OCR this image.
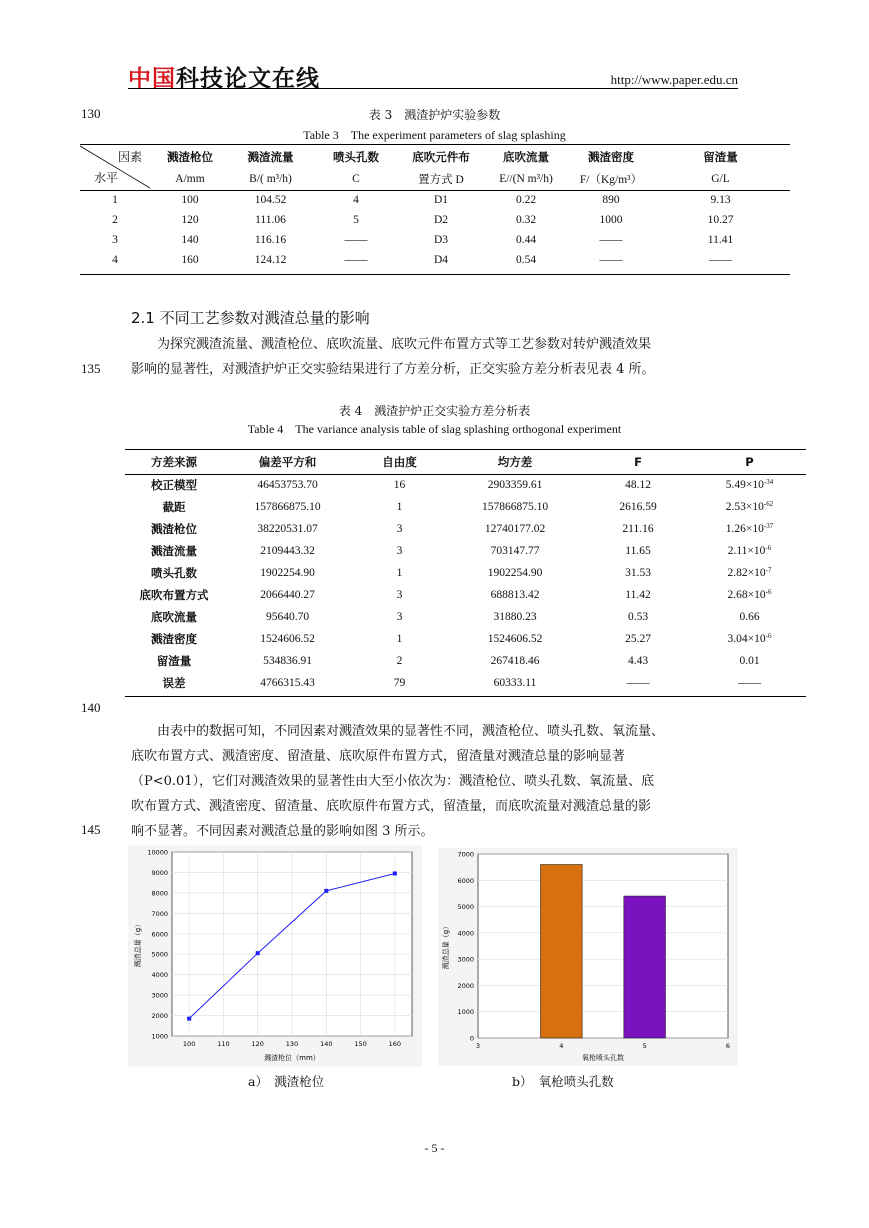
中国科技论文在线	http://www.paper.edu.cn
130
135
140
145
表 3　溅渣护炉实验参数
Table 3　The experiment parameters of slag splashing
因素
水平
	溅渣枪位	溅渣流量	喷头孔数	底吹元件布	底吹流量	溅渣密度	留渣量
	A/mm	B/( m³/h)	C	置方式 D	E//(N m³/h)	F/（Kg/m³）	G/L
1	100	104.52	4	D1	0.22	890	9.13
2	120	111.06	5	D2	0.32	1000	10.27
3	140	116.16	——	D3	0.44	——	11.41
4	160	124.12	——	D4	0.54	——	——
2.1 不同工艺参数对溅渣总量的影响

为探究溅渣流量、溅渣枪位、底吹流量、底吹元件布置方式等工艺参数对转炉溅渣效果

影响的显著性，对溅渣护炉正交实验结果进行了方差分析，正交实验方差分析表见表 4 所。

表 4　溅渣护炉正交实验方差分析表
Table 4　The variance analysis table of slag splashing orthogonal experiment
方差来源	偏差平方和	自由度	均方差	F	P
校正模型	46453753.70	16	2903359.61	48.12	$5.49\times 10^{-34}$
截距	157866875.10	1	157866875.10	2616.59	$2.53\times 10^{-62}$
溅渣枪位	38220531.07	3	12740177.02	211.16	$1.26\times 10^{-37}$
溅渣流量	2109443.32	3	703147.77	11.65	$2.11\times 10^{-6}$
喷头孔数	1902254.90	1	1902254.90	31.53	$2.82\times 10^{-7}$
底吹布置方式	2066440.27	3	688813.42	11.42	$2.68\times 10^{-6}$
底吹流量	95640.70	3	31880.23	0.53	0.66
溅渣密度	1524606.52	1	1524606.52	25.27	$3.04\times 10^{-6}$
留渣量	534836.91	2	267418.46	4.43	0.01
误差	4766315.43	79	60333.11	——	——

由表中的数据可知，不同因素对溅渣效果的显著性不同，溅渣枪位、喷头孔数、氧流量、

底吹布置方式、溅渣密度、留渣量、底吹原件布置方式，留渣量对溅渣总量的影响显著

（P<0.01），它们对溅渣效果的显著性由大至小依次为：溅渣枪位、喷头孔数、氧流量、底

吹布置方式、溅渣密度、留渣量、底吹原件布置方式，留渣量，而底吹流量对溅渣总量的影

响不显著。不同因素对溅渣总量的影响如图 3 所示。

1000
2000
3000
4000
5000
6000
7000
8000
9000
10000
100	110	120	130	140	150	160
溅渣枪位（mm）
溅渣总量（g）
0
1000
2000
3000
4000
5000
6000
7000
3	4	5	6
氧枪喷头孔数
溅渣总量（g）
a）　溅渣枪位	b）　氧枪喷头孔数
- 5 -
